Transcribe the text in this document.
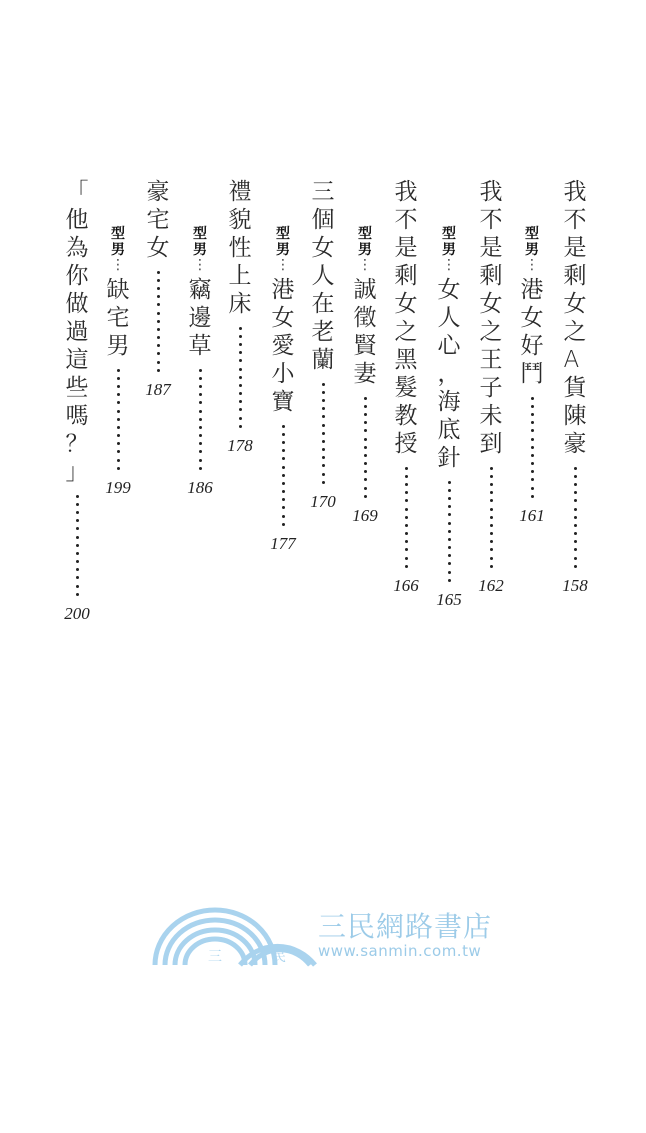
我
不
是
剩
女
之
A
貨
陳
豪
158
型
男
⋮
港
女
好
鬥
161
我
不
是
剩
女
之
王
子
未
到
162
型
男
⋮
女
人
心
，
海
底
針
165
我
不
是
剩
女
之
黑
髮
教
授
166
型
男
⋮
誠
徵
賢
妻
169
三
個
女
人
在
老
蘭
170
型
男
⋮
港
女
愛
小
寶
177
禮
貌
性
上
床
178
型
男
⋮
竊
邊
草
186
豪
宅
女
187
型
男
⋮
缺
宅
男
199
「
他
為
你
做
過
這
些
嗎
？
」
200
三	民
三民網路書店
www.sanmin.com.tw
